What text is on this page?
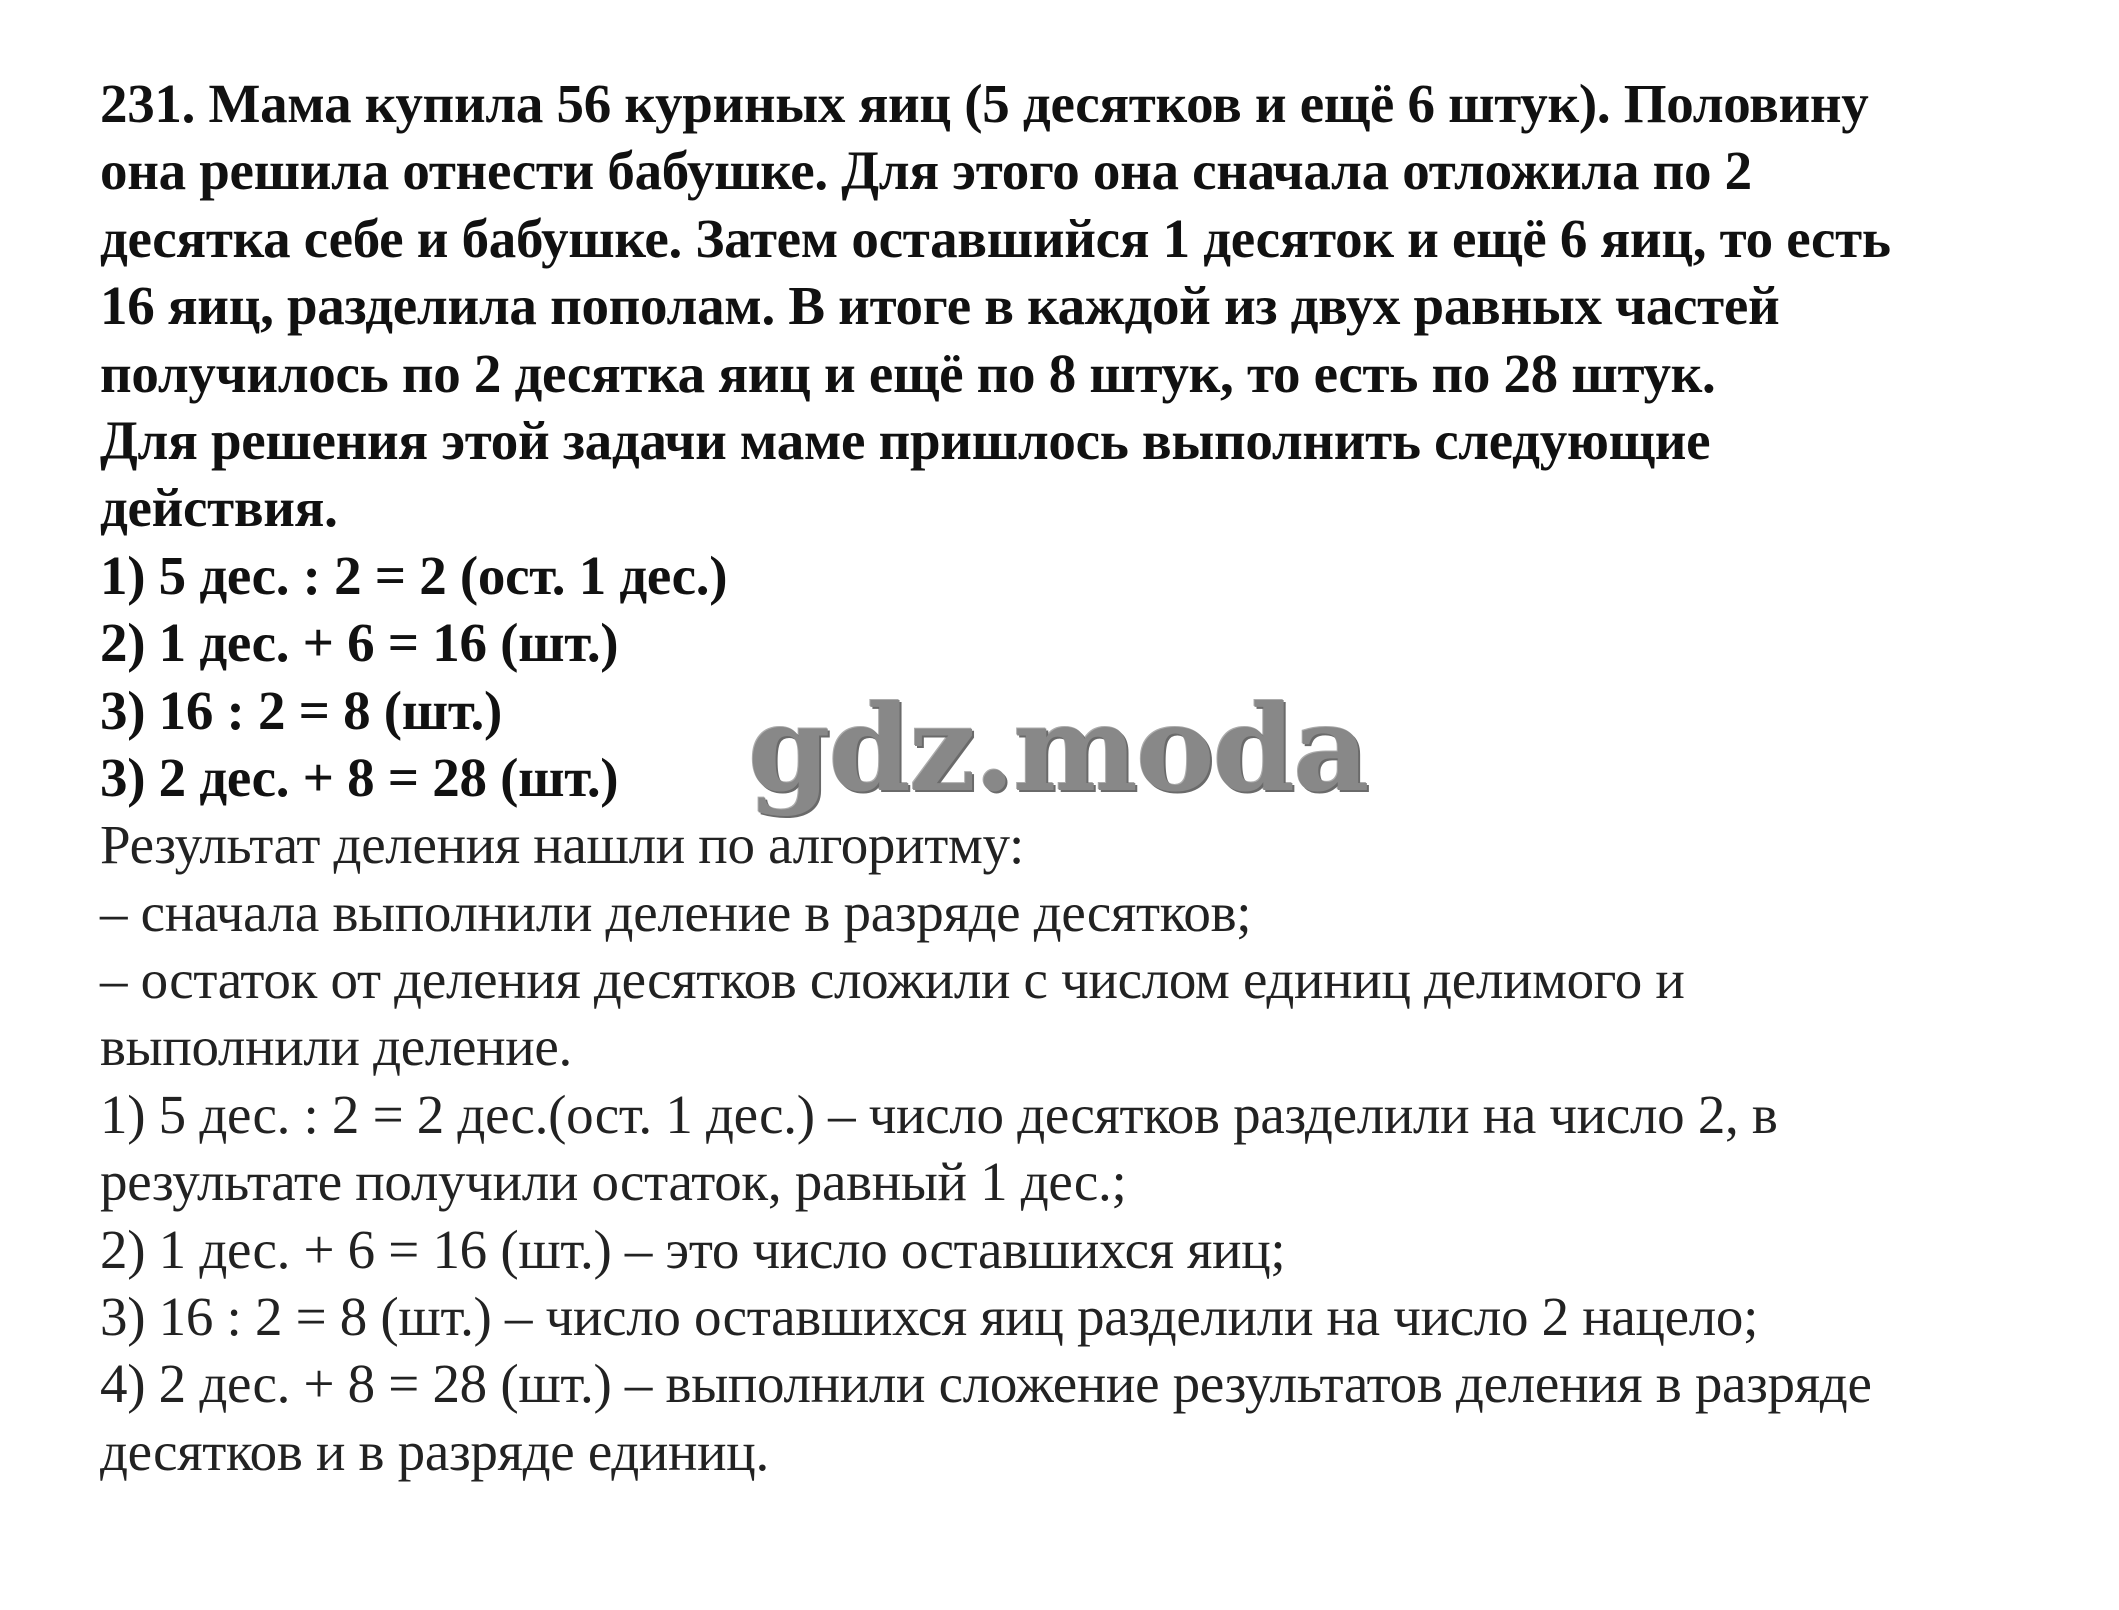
231. Мама купила 56 куриных яиц (5 десятков и ещё 6 штук). Половину
она решила отнести бабушке. Для этого она сначала отложила по 2
десятка себе и бабушке. Затем оставшийся 1 десяток и ещё 6 яиц, то есть
16 яиц, разделила пополам. В итоге в каждой из двух равных частей
получилось по 2 десятка яиц и ещё по 8 штук, то есть по 28 штук.
Для решения этой задачи маме пришлось выполнить следующие
действия.
1) 5 дес. : 2 = 2 (ост. 1 дес.)
2) 1 дес. + 6 = 16 (шт.)
3) 16 : 2 = 8 (шт.)
3) 2 дес. + 8 = 28 (шт.)
Результат деления нашли по алгоритму:
– сначала выполнили деление в разряде десятков;
– остаток от деления десятков сложили с числом единиц делимого и
выполнили деление.
1) 5 дес. : 2 = 2 дес.(ост. 1 дес.) – число десятков разделили на число 2, в
результате получили остаток, равный 1 дес.;
2) 1 дес. + 6 = 16 (шт.) – это число оставшихся яиц;
3) 16 : 2 = 8 (шт.) – число оставшихся яиц разделили на число 2 нацело;
4) 2 дес. + 8 = 28 (шт.) – выполнили сложение результатов деления в разряде
десятков и в разряде единиц.
gdz.moda
